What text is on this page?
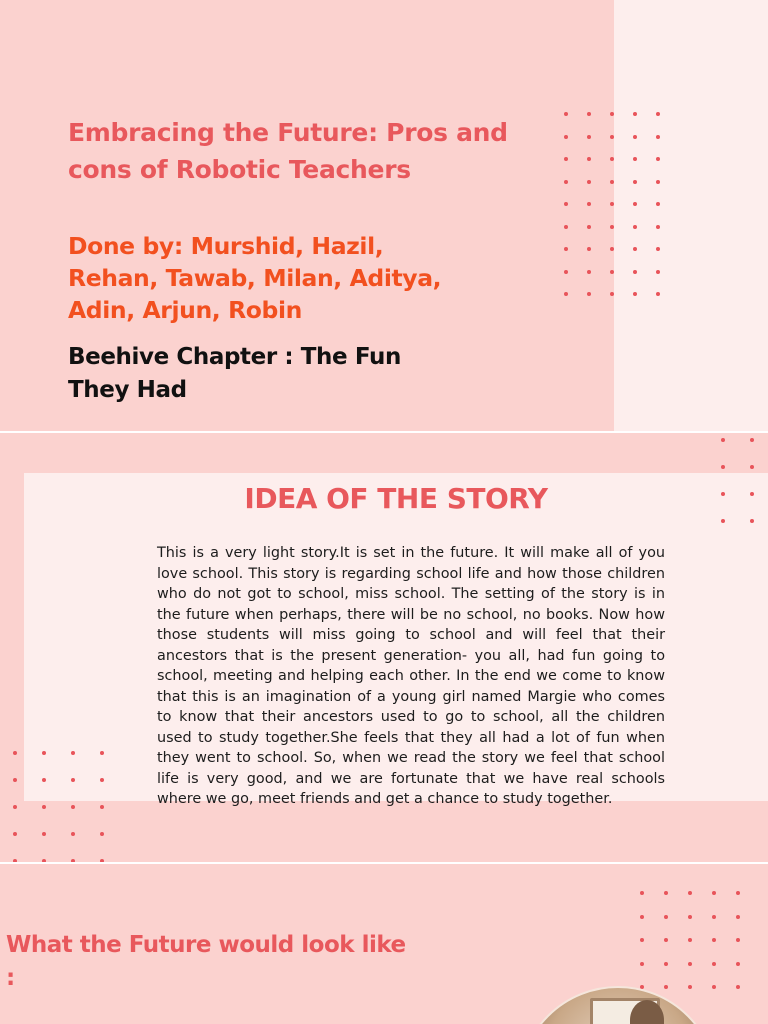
Embracing the Future: Pros and cons of Robotic Teachers

Done by: Murshid, Hazil, Rehan, Tawab, Milan, Aditya, Adin, Arjun, Robin

Beehive Chapter : The Fun They Had

IDEA OF THE STORY

This is a very light story.It is set in the future. It will make all of you love school. This story is regarding school life and how those children who do not got to school, miss school. The setting of the story is in the future when perhaps, there will be no school, no books. Now how those students will miss going to school and will feel that their ancestors that is the present generation- you all, had fun going to school, meeting and helping each other. In the end we come to know that this is an imagination of a young girl named Margie who comes to know that their ancestors used to go to school, all the children used to study together.She feels that they all had a lot of fun when they went to school. So, when we read the story we feel that school life is very good, and we are fortunate that we have real schools where we go, meet friends and get a chance to study together.

What the Future would look like :
